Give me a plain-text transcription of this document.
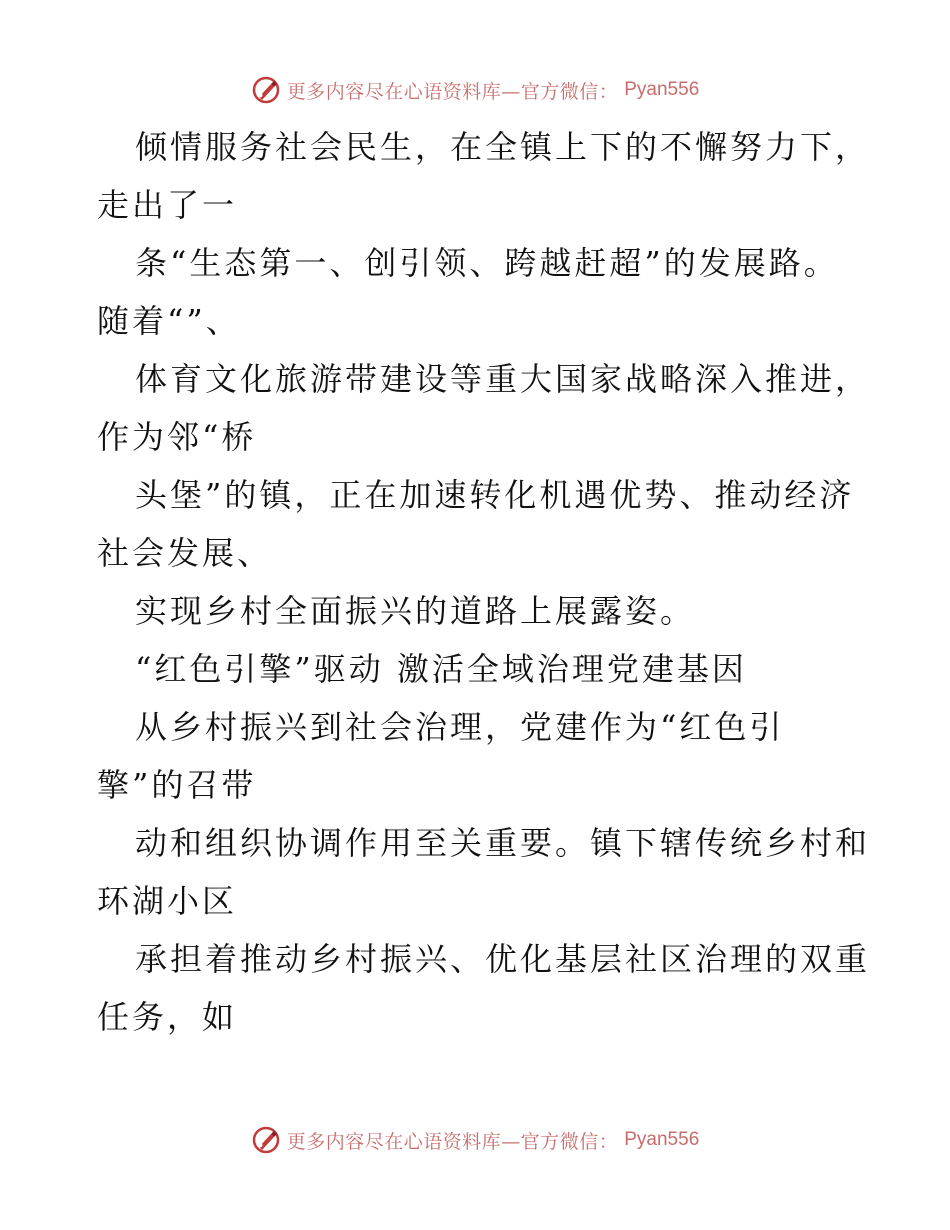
更多内容尽在心语资料库—官方微信： Pyan556
倾情服务社会民生，在全镇上下的不懈努力下，
走出了一
条“生态第一、创引领、跨越赶超”的发展路。
随着“”、
体育文化旅游带建设等重大国家战略深入推进，
作为邻“桥
头堡”的镇，正在加速转化机遇优势、推动经济
社会发展、
实现乡村全面振兴的道路上展露姿。
“红色引擎”驱动 激活全域治理党建基因
从乡村振兴到社会治理，党建作为“红色引
擎”的召带
动和组织协调作用至关重要。镇下辖传统乡村和
环湖小区
承担着推动乡村振兴、优化基层社区治理的双重
任务，如
更多内容尽在心语资料库—官方微信： Pyan556
